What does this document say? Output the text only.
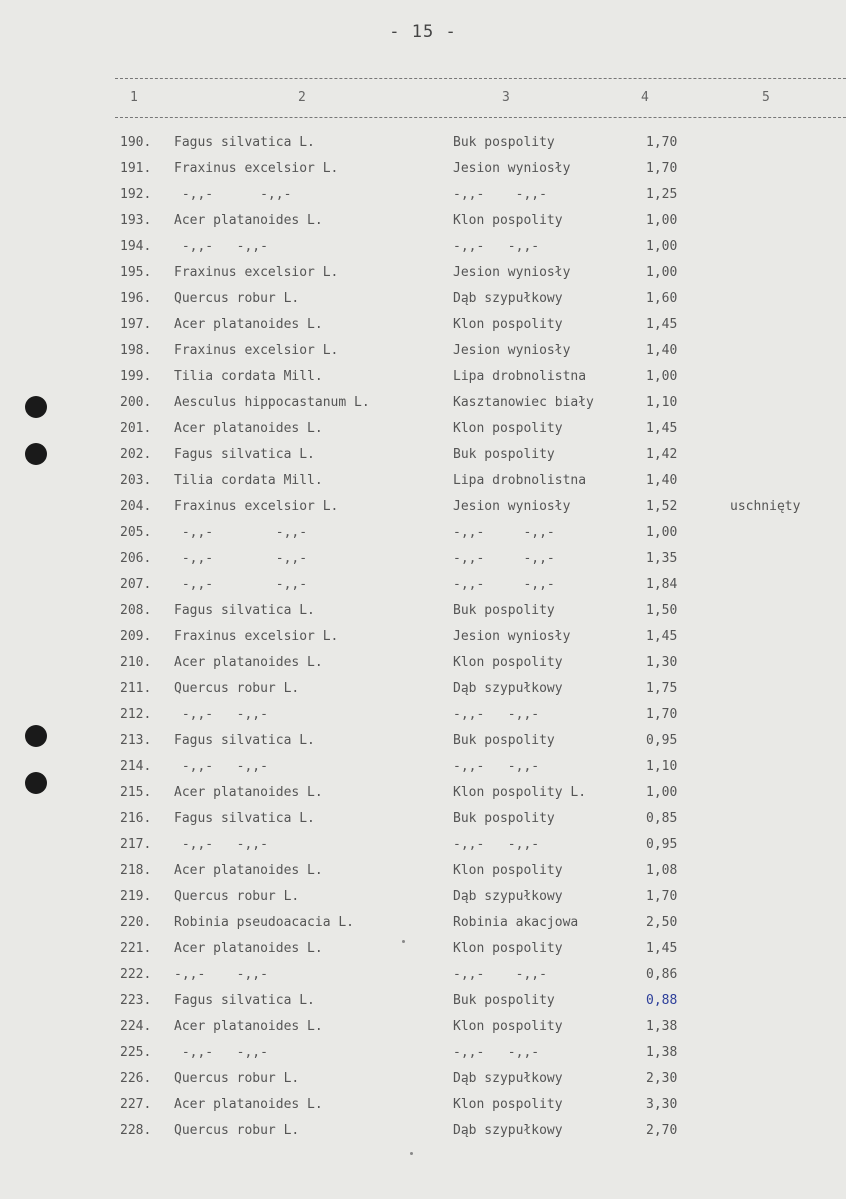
- 15 -
1	2	3	4	5
190. Fagus silvatica L.	Buk pospolity	1,70
191. Fraxinus excelsior L.	Jesion wyniosły	1,70
192. -,,-      -,,-	-,,-    -,,-	1,25
193. Acer platanoides L.	Klon pospolity	1,00
194. -,,-   -,,-	-,,-   -,,-	1,00
195. Fraxinus excelsior L.	Jesion wyniosły	1,00
196. Quercus robur L.	Dąb szypułkowy	1,60
197. Acer platanoides L.	Klon pospolity	1,45
198. Fraxinus excelsior L.	Jesion wyniosły	1,40
199. Tilia cordata Mill.	Lipa drobnolistna	1,00
200. Aesculus hippocastanum L.	Kasztanowiec biały	1,10
201. Acer platanoides L.	Klon pospolity	1,45
202. Fagus silvatica L.	Buk pospolity	1,42
203. Tilia cordata Mill.	Lipa drobnolistna	1,40
204. Fraxinus excelsior L.	Jesion wyniosły	1,52	uschnięty
205. -,,-        -,,-	-,,-     -,,-	1,00
206. -,,-        -,,-	-,,-     -,,-	1,35
207. -,,-        -,,-	-,,-     -,,-	1,84
208. Fagus silvatica L.	Buk pospolity	1,50
209. Fraxinus excelsior L.	Jesion wyniosły	1,45
210. Acer platanoides L.	Klon pospolity	1,30
211. Quercus robur L.	Dąb szypułkowy	1,75
212. -,,-   -,,-	-,,-   -,,-	1,70
213. Fagus silvatica L.	Buk pospolity	0,95
214. -,,-   -,,-	-,,-   -,,-	1,10
215. Acer platanoides L.	Klon pospolity L.	1,00
216. Fagus silvatica L.	Buk pospolity	0,85
217. -,,-   -,,-	-,,-   -,,-	0,95
218. Acer platanoides L.	Klon pospolity	1,08
219. Quercus robur L.	Dąb szypułkowy	1,70
220. Robinia pseudoacacia L.	Robinia akacjowa	2,50
221. Acer platanoides L.	Klon pospolity	1,45
222. -,,-    -,,-	-,,-    -,,-	0,86
223. Fagus silvatica L.	Buk pospolity	0,88
224. Acer platanoides L.	Klon pospolity	1,38
225. -,,-   -,,-	-,,-   -,,-	1,38
226. Quercus robur L.	Dąb szypułkowy	2,30
227. Acer platanoides L.	Klon pospolity	3,30
228. Quercus robur L.	Dąb szypułkowy	2,70
